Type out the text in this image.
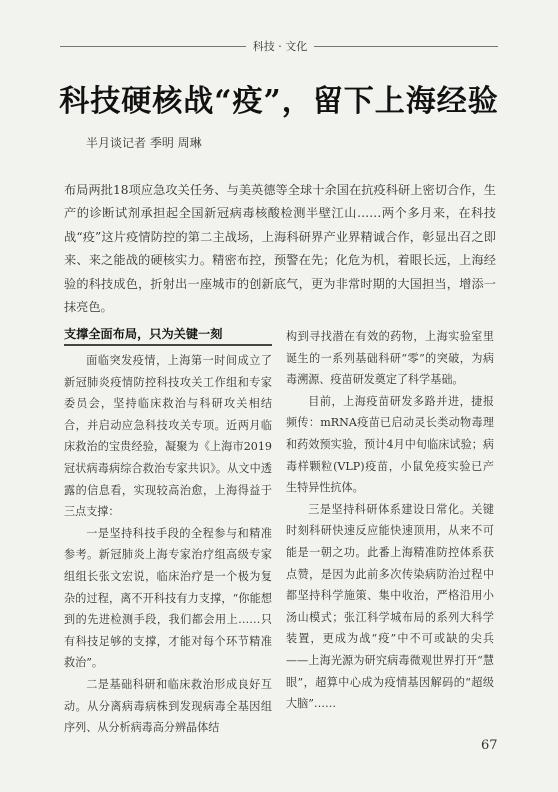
科技 · 文化
科技硬核战“疫”，留下上海经验
半月谈记者 季明 周琳
布局两批18项应急攻关任务、与美英德等全球十余国在抗疫科研上密切合作，生产的诊断试剂承担起全国新冠病毒核酸检测半壁江山……两个多月来，在科技战“疫”这片疫情防控的第二主战场，上海科研界产业界精诚合作，彰显出召之即来、来之能战的硬核实力。精密布控，预警在先；化危为机，着眼长远，上海经验的科技成色，折射出一座城市的创新底气，更为非常时期的大国担当，增添一抹亮色。
支撑全面布局，只为关键一刻

面临突发疫情，上海第一时间成立了新冠肺炎疫情防控科技攻关工作组和专家委员会，坚持临床救治与科研攻关相结合，并启动应急科技攻关专项。近两月临床救治的宝贵经验，凝聚为《上海市2019冠状病毒病综合救治专家共识》。从文中透露的信息看，实现较高治愈，上海得益于三点支撑：

一是坚持科技手段的全程参与和精准参考。新冠肺炎上海专家治疗组高级专家组组长张文宏说，临床治疗是一个极为复杂的过程，离不开科技有力支撑，“你能想到的先进检测手段，我们都会用上……只有科技足够的支撑，才能对每个环节精准救治”。

二是基础科研和临床救治形成良好互动。从分离病毒病株到发现病毒全基因组序列、从分析病毒高分辨晶体结

构到寻找潜在有效的药物，上海实验室里诞生的一系列基础科研“零”的突破，为病毒溯源、疫苗研发奠定了科学基础。

目前，上海疫苗研发多路并进，捷报频传：mRNA疫苗已启动灵长类动物毒理和药效预实验，预计4月中旬临床试验；病毒样颗粒(VLP)疫苗，小鼠免疫实验已产生特异性抗体。

三是坚持科研体系建设日常化。关键时刻科研快速反应能快速顶用，从来不可能是一朝之功。此番上海精准防控体系获点赞，是因为此前多次传染病防治过程中都坚持科学施策、集中收治，严格沿用小汤山模式；张江科学城布局的系列大科学装置，更成为战“疫”中不可或缺的尖兵——上海光源为研究病毒微观世界打开“慧眼”，超算中心成为疫情基因解码的“超级大脑”……

67
